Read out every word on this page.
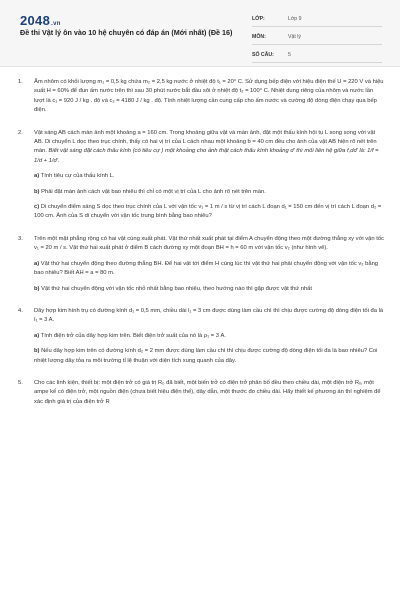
2048.vn
Đề thi Vật lý ôn vào 10 hệ chuyên có đáp án (Mới nhất) (Đề 16)
LỚP:	Lớp 9
MÔN:	Vật lý
SỐ CÂU:	5
1.	Ấm nhôm có khối lượng m₁ = 0,5 kg chứa m₂ = 2,5 kg nước ở nhiệt độ t₁ = 20° C. Sử dụng bếp điện với hiệu điện thế U = 220 V và hiệu suất H = 60% để đun ấm nước trên thì sau 30 phút nước bắt đầu sôi ở nhiệt độ t₂ = 100° C. Nhiệt dung riêng của nhôm và nước lần lượt là c₁ = 920 J / kg . độ và c₂ = 4180 J / kg . độ. Tính nhiệt lượng cần cung cấp cho ấm nước và cường độ dòng điện chạy qua bếp điện.
2.	Vật sáng AB cách màn ảnh một khoảng a = 160 cm. Trong khoảng giữa vật và màn ảnh, đặt một thấu kính hội tụ L song song với vật AB. Di chuyển L dọc theo trục chính, thấy có hai vị trí của L cách nhau một khoảng b = 40 cm đều cho ảnh của vật AB hiện rõ nét trên màn. Biết vật sáng đặt cách thấu kính (có tiêu cự ) một khoảng cho ảnh thật cách thấu kính khoảng d' thì mối liên hệ giữa f,dd' là: 1/f = 1/d + 1/d'.
a) Tính tiêu cự của thấu kính L.
b) Phải đặt màn ảnh cách vật bao nhiêu thì chỉ có một vị trí của L cho ảnh rõ nét trên màn.
c) Di chuyển điểm sáng S dọc theo trục chính của L với vận tốc v₁ = 1 m / s từ vị trí cách L đoạn d₁ = 150 cm đến vị trí cách L đoạn d₂ = 100 cm. Ảnh của S di chuyển với vận tốc trung bình bằng bao nhiêu?
3.	Trên một mặt phẳng rộng có hai vật cùng xuất phát. Vật thứ nhất xuất phát tại điểm A chuyển động theo một đường thẳng xy với vận tốc v₁ = 20 m / s. Vật thứ hai xuất phát ở điểm B cách đường xy một đoạn BH = h = 60 m với vận tốc v₂ (như hình vẽ).
a) Vật thứ hai chuyển động theo đường thẳng BH. Để hai vật tới điểm H cùng lúc thì vật thứ hai phải chuyển động với vận tốc v₂ bằng bao nhiêu? Biết AH = a = 80 m.
b) Vật thứ hai chuyển động với vận tốc nhỏ nhất bằng bao nhiêu, theo hướng nào thì gặp được vật thứ nhất
4.	Dây hợp kim hình trụ có đường kính d₁ = 0,5 mm, chiều dài l₁ = 3 cm được dùng làm cầu chì thì chịu được cường độ dòng điện tối đa là I₁ = 3 A.
a) Tính điện trở của dây hợp kim trên. Biết điện trở suất của nó là ρ₁ = 3 A.
b) Nếu dây hợp kim trên có đường kính d₂ = 2 mm được dùng làm cầu chì thì chịu được cường độ dòng điện tối đa là bao nhiêu? Coi nhiệt lượng dây tỏa ra môi trường tỉ lệ thuận với diện tích xung quanh của dây.
5.	Cho các linh kiện, thiết bị: một điện trở có giá trị R₀ đã biết, một biến trở có điện trở phân bố đều theo chiều dài, một điện trở Rₓ, một ampe kế có điện trở, một nguồn điện (chưa biết hiệu điện thế), dây dẫn, một thước đo chiều dài. Hãy thiết kế phương án thí nghiệm để xác định giá trị của điện trở R
